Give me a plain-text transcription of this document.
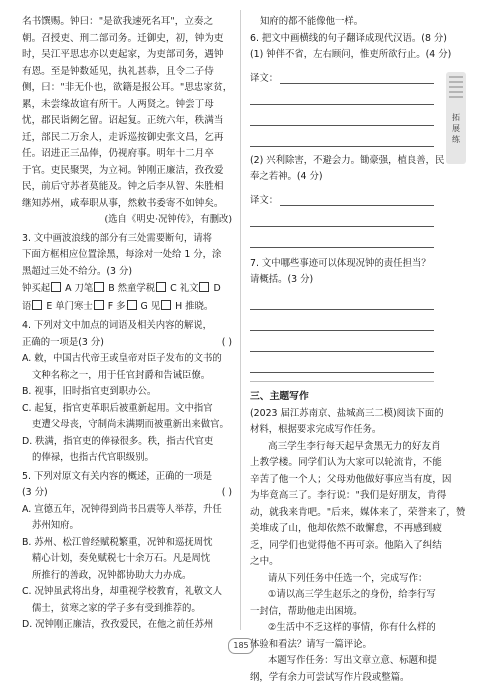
名书馔赐。钟曰："是欲我速死名耳"，立奏之
朝。召授吏、刑二部司务。迁御史，初，钟为吏
时，吴江平思忠亦以吏起家，为吏部司务，遇钟
有恩。至是钟数延见，执礼甚恭，且令二子侍
侧，曰："非无仆也，欲籍是报公耳。"思忠家贫，
累，未尝缘故谊有所干。人两贤之。钟尝丁母
忧，郡民诣阙乞留。诏起复。正统六年，秩满当
迁，部民二万余人，走诉巡按御史张文昌，乞再
任。诏进正三品俸，仍视府事。明年十二月卒
于官。吏民聚哭，为立祠。钟刚正廉洁，孜孜爱
民，前后守苏者莫能及。钟之后李从智、朱胜相
继知苏州，咸奉职从事，然敕书委寄不如钟矣。
(选自《明史·况钟传》，有删改)
3. 文中画波浪线的部分有三处需要断句，请将
下面方框相应位置涂黑，每涂对一处给 1 分，涂
黑超过三处不给分。(3 分)
钟买起 A 刀笔 B 然童学税 C 礼文 D
语 E 单门寒士 F 多 G 见 H 推晓。
4. 下列对文中加点的词语及相关内容的解说，
正确的一项是(3 分)	( )
A. 敕，中国古代帝王或皇帝对臣子发布的文书的
文种名称之一，用于任官封爵和告诫臣僚。
B. 视事，旧时指官吏到职办公。
C. 起复，指官吏革职后被重新起用。文中指官
吏遭父母丧，守制尚未满期而被重新出来做官。
D. 秩满，指官吏的俸禄很多。秩，指古代官吏
的俸禄，也指古代官职级别。
5. 下列对原文有关内容的概述，正确的一项是
(3 分)	( )
A. 宣德五年，况钟得到尚书吕震等人举荐，升任
苏州知府。
B. 苏州、松江曾经赋税繁重，况钟和巡抚周忱
精心计划，奏免赋税七十余万石。凡是周忱
所推行的善政，况钟都协助大力办成。
C. 况钟虽武将出身，却重视学校教育，礼敬文人
儒士，贫寒之家的学子多有受到推荐的。
D. 况钟刚正廉洁，孜孜爱民，在他之前任苏州
知府的都不能像他一样。
6. 把文中画横线的句子翻译成现代汉语。(8 分)
(1) 钟伴不省，左右顾问，惟吏所欲行止。(4 分)
译文：
(2) 兴利除害，不避会力。锄豪强，植良善，民
奉之若神。(4 分)
译文：
7. 文中哪些事迹可以体现况钟的责任担当？
请概括。(3 分)
三、主题写作
(2023 届江苏南京、盐城高三二模)阅读下面的
材料，根据要求完成写作任务。
高三学生李行每天起早贪黑无力的好友肖
上教学楼。同学们认为大家可以轮流肯，不能
辛苦了他一个人；父母劝他做好事应当有度，因
为毕竟高三了。李行说："我们是好朋友，肯得
动，就我来肯吧。"后来，媒体来了，荣誉来了，赞
美堆成了山，他却依然不敢懈怠，不再感到疲
乏，同学们也觉得他不再可亲。他陷入了纠结
之中。
请从下列任务中任选一个，完成写作：
①请以高三学生赵乐之的身份，给李行写
一封信，帮助他走出困境。
②生活中不乏这样的事情，你有什么样的
体验和看法？请写一篇评论。
本题写作任务：写出文章立意、标题和提
纲，学有余力可尝试写作片段或整篇。
拓展练
185
